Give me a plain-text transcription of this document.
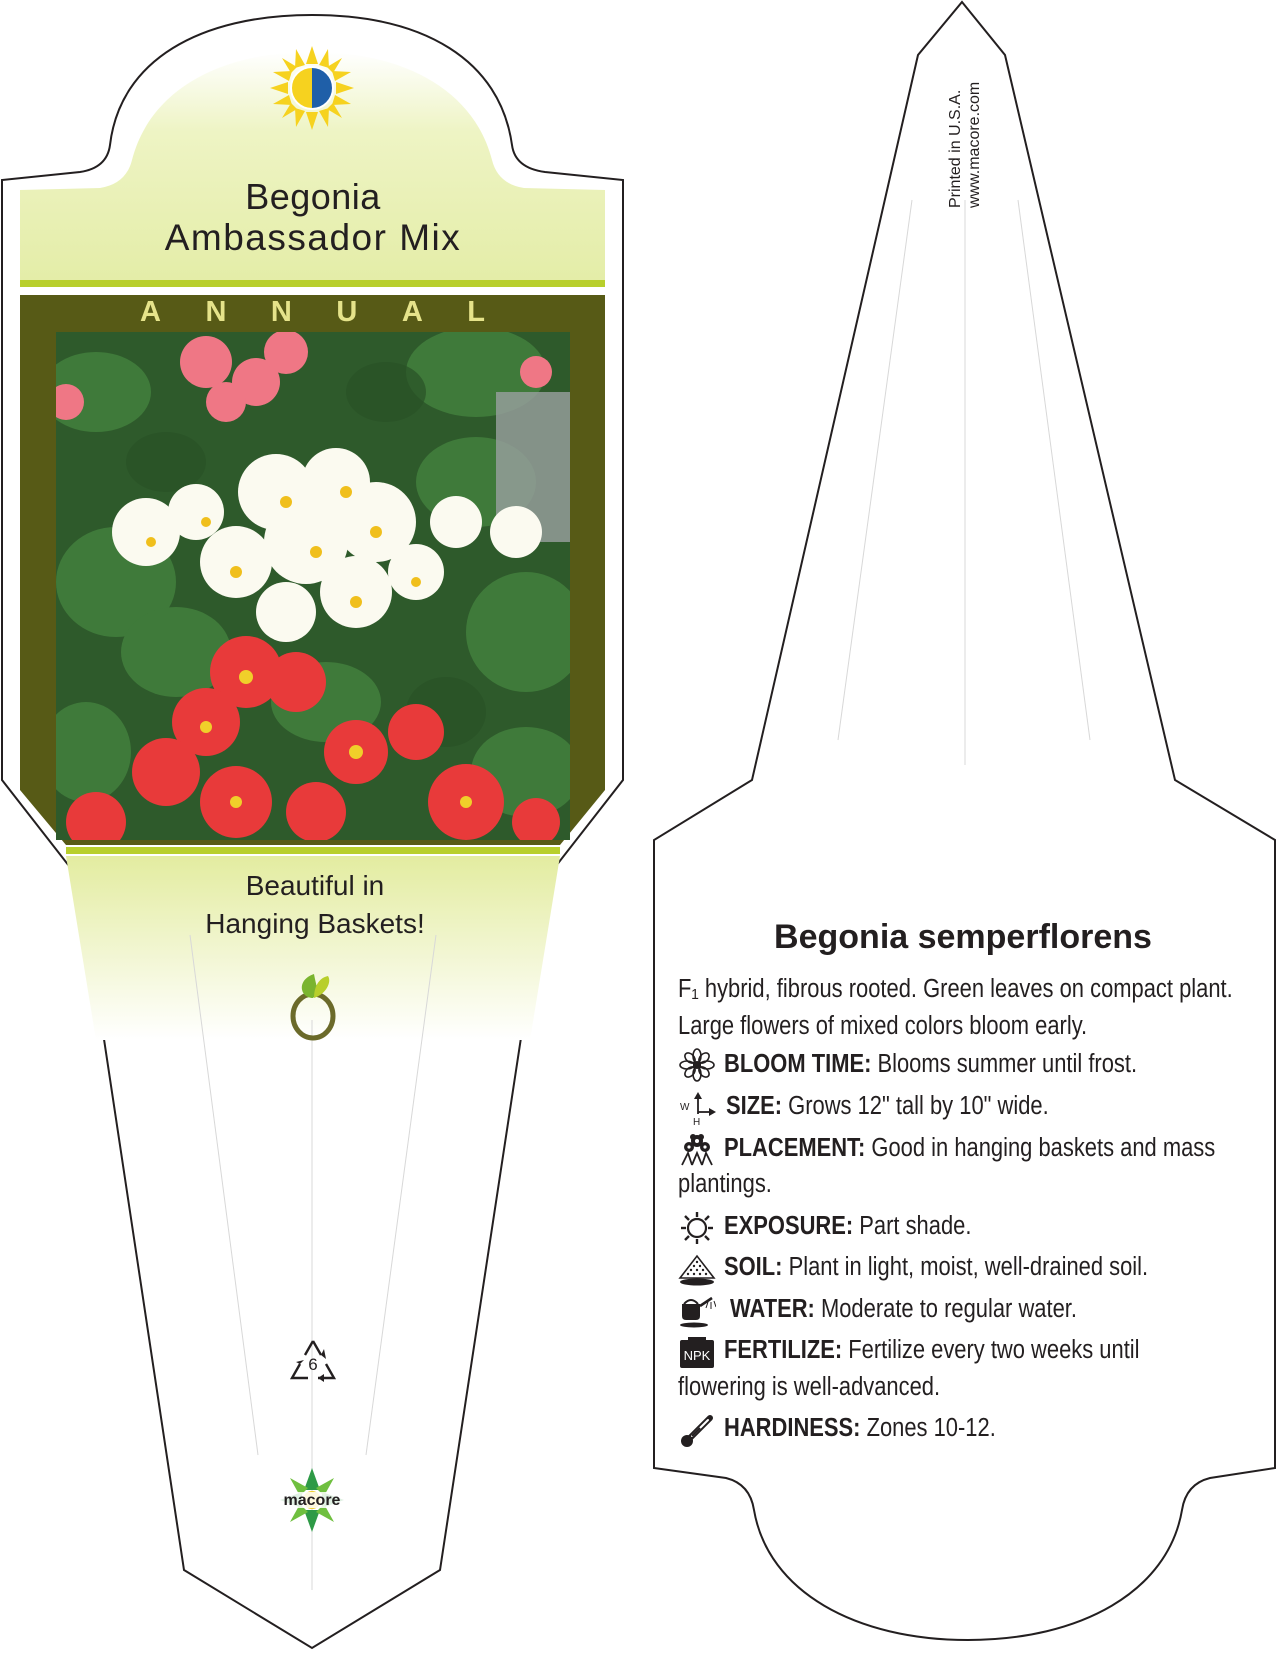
Begonia
Ambassador Mix
A N N U A L
Beautiful in
Hanging Baskets!
6
macore
Printed in U.S.A. www.macore.com
Begonia semperflorens
F₁ hybrid, fibrous rooted. Green leaves on compact plant.
Large flowers of mixed colors bloom early.
BLOOM TIME: Blooms summer until frost.
W
H
SIZE: Grows 12" tall by 10" wide.
PLACEMENT: Good in hanging baskets and mass
plantings.
EXPOSURE: Part shade.
SOIL: Plant in light, moist, well-drained soil.
WATER: Moderate to regular water.
NPK FERTILIZE: Fertilize every two weeks until
flowering is well-advanced.
HARDINESS: Zones 10-12.
